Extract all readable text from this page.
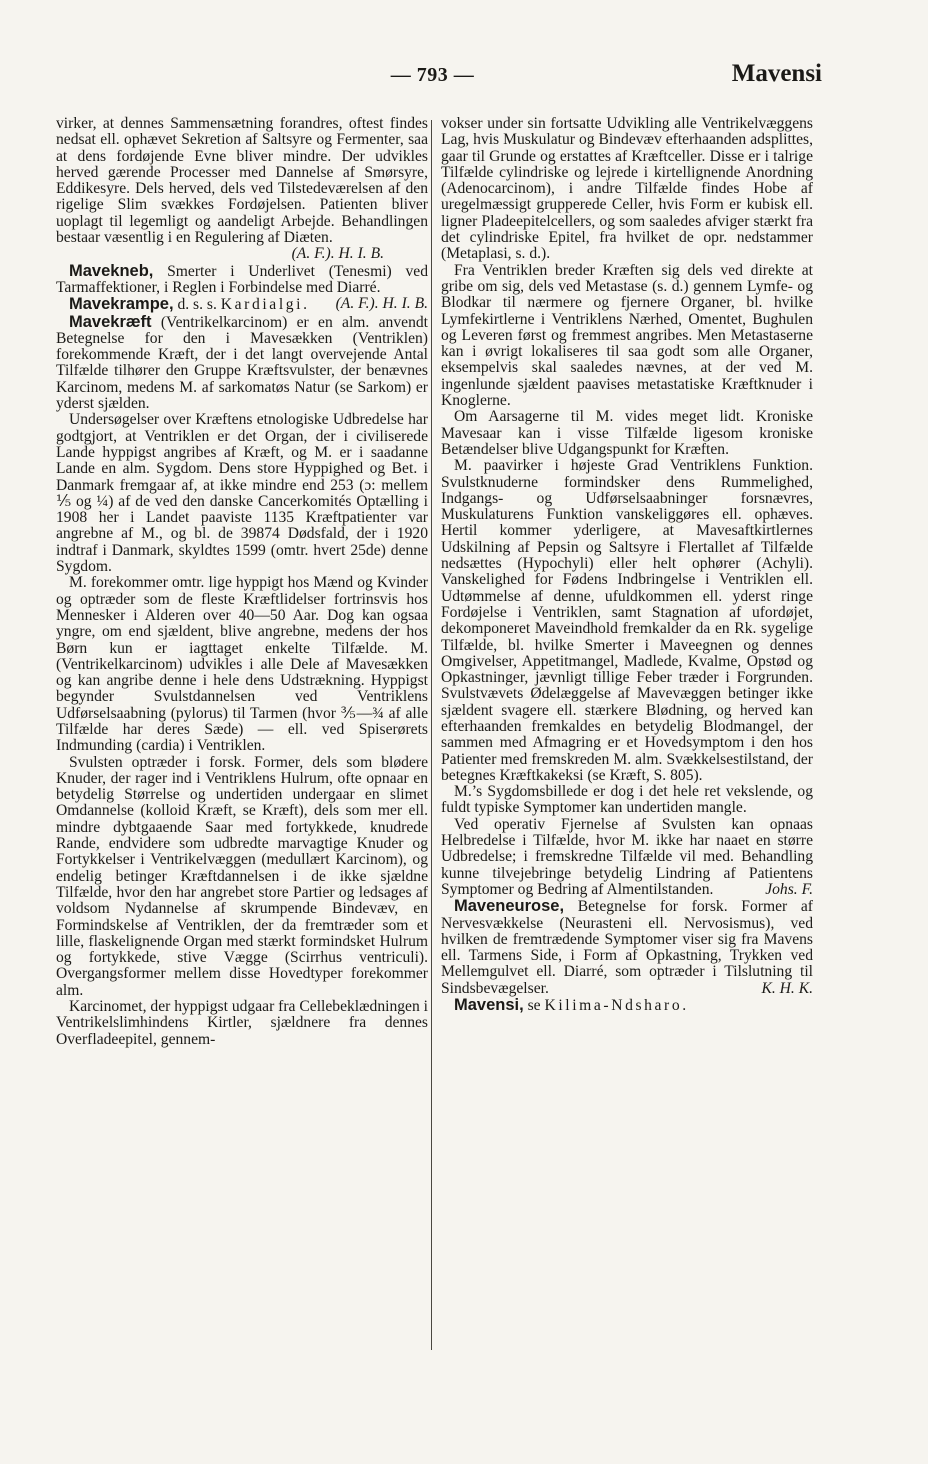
— 793 —	Mavensi

virker, at dennes Sammensætning forandres, oftest findes nedsat ell. ophævet Sekretion af Saltsyre og Fermenter, saa at dens fordøjende Evne bliver mindre. Der udvikles herved gærende Processer med Dannelse af Smørsyre, Eddikesyre. Dels herved, dels ved Tilstedeværelsen af den rigelige Slim svækkes Fordøjelsen. Patienten bliver uoplagt til legemligt og aandeligt Arbejde. Behandlingen bestaar væsentlig i en Regulering af Diæten.

(A. F.). H. I. B.

Mavekneb, Smerter i Underlivet (Tenesmi) ved Tarmaffektioner, i Reglen i Forbindelse med Diarré.
(A. F.). H. I. B.

Mavekrampe, d. s. s. Kardialgi.

Mavekræft (Ventrikelkarcinom) er en alm. anvendt Betegnelse for den i Mavesækken (Ventriklen) forekommende Kræft, der i det langt overvejende Antal Tilfælde tilhører den Gruppe Kræftsvulster, der benævnes Karcinom, medens M. af sarkomatøs Natur (se Sarkom) er yderst sjælden.

Undersøgelser over Kræftens etnologiske Udbredelse har godtgjort, at Ventriklen er det Organ, der i civiliserede Lande hyppigst angribes af Kræft, og M. er i saadanne Lande en alm. Sygdom. Dens store Hyppighed og Bet. i Danmark fremgaar af, at ikke mindre end 253 (ɔ: mellem ⅕ og ¼) af de ved den danske Cancerkomités Optælling i 1908 her i Landet paaviste 1135 Kræftpatienter var angrebne af M., og bl. de 39874 Dødsfald, der i 1920 indtraf i Danmark, skyldtes 1599 (omtr. hvert 25de) denne Sygdom.

M. forekommer omtr. lige hyppigt hos Mænd og Kvinder og optræder som de fleste Kræftlidelser fortrinsvis hos Mennesker i Alderen over 40—50 Aar. Dog kan ogsaa yngre, om end sjældent, blive angrebne, medens der hos Børn kun er iagttaget enkelte Tilfælde. M. (Ventrikelkarcinom) udvikles i alle Dele af Mavesækken og kan angribe denne i hele dens Udstrækning. Hyppigst begynder Svulstdannelsen ved Ventriklens Udførselsaabning (pylorus) til Tarmen (hvor ⅗—¾ af alle Tilfælde har deres Sæde) — ell. ved Spiserørets Indmunding (cardia) i Ventriklen.

Svulsten optræder i forsk. Former, dels som blødere Knuder, der rager ind i Ventriklens Hulrum, ofte opnaar en betydelig Størrelse og undertiden undergaar en slimet Omdannelse (kolloid Kræft, se Kræft), dels som mer ell. mindre dybtgaaende Saar med fortykkede, knudrede Rande, endvidere som udbredte marvagtige Knuder og Fortykkelser i Ventrikelvæggen (medullært Karcinom), og endelig betinger Kræftdannelsen i de ikke sjældne Tilfælde, hvor den har angrebet store Partier og ledsages af voldsom Nydannelse af skrumpende Bindevæv, en Formindskelse af Ventriklen, der da fremtræder som et lille, flaskelignende Organ med stærkt formindsket Hulrum og fortykkede, stive Vægge (Scirrhus ventriculi). Overgangsformer mellem disse Hovedtyper forekommer alm.

Karcinomet, der hyppigst udgaar fra Cellebeklædningen i Ventrikelslimhindens Kirtler, sjældnere fra dennes Overfladeepitel, gennem-

vokser under sin fortsatte Udvikling alle Ventrikelvæggens Lag, hvis Muskulatur og Bindevæv efterhaanden adsplittes, gaar til Grunde og erstattes af Kræftceller. Disse er i talrige Tilfælde cylindriske og lejrede i kirtellignende Anordning (Adenocarcinom), i andre Tilfælde findes Hobe af uregelmæssigt grupperede Celler, hvis Form er kubisk ell. ligner Pladeepitelcellers, og som saaledes afviger stærkt fra det cylindriske Epitel, fra hvilket de opr. nedstammer (Metaplasi, s. d.).

Fra Ventriklen breder Kræften sig dels ved direkte at gribe om sig, dels ved Metastase (s. d.) gennem Lymfe- og Blodkar til nærmere og fjernere Organer, bl. hvilke Lymfekirtlerne i Ventriklens Nærhed, Omentet, Bughulen og Leveren først og fremmest angribes. Men Metastaserne kan i øvrigt lokaliseres til saa godt som alle Organer, eksempelvis skal saaledes nævnes, at der ved M. ingenlunde sjældent paavises metastatiske Kræftknuder i Knoglerne.

Om Aarsagerne til M. vides meget lidt. Kroniske Mavesaar kan i visse Tilfælde ligesom kroniske Betændelser blive Udgangspunkt for Kræften.

M. paavirker i højeste Grad Ventriklens Funktion. Svulstknuderne formindsker dens Rummelighed, Indgangs- og Udførselsaabninger forsnævres, Muskulaturens Funktion vanskeliggøres ell. ophæves. Hertil kommer yderligere, at Mavesaftkirtlernes Udskilning af Pepsin og Saltsyre i Flertallet af Tilfælde nedsættes (Hypochyli) eller helt ophører (Achyli). Vanskelighed for Fødens Indbringelse i Ventriklen ell. Udtømmelse af denne, ufuldkommen ell. yderst ringe Fordøjelse i Ventriklen, samt Stagnation af ufordøjet, dekomponeret Maveindhold fremkalder da en Rk. sygelige Tilfælde, bl. hvilke Smerter i Maveegnen og dennes Omgivelser, Appetitmangel, Madlede, Kvalme, Opstød og Opkastninger, jævnligt tillige Feber træder i Forgrunden. Svulstvævets Ødelæggelse af Mavevæggen betinger ikke sjældent svagere ell. stærkere Blødning, og herved kan efterhaanden fremkaldes en betydelig Blodmangel, der sammen med Afmagring er et Hovedsymptom i den hos Patienter med fremskreden M. alm. Svækkelsestilstand, der betegnes Kræftkakeksi (se Kræft, S. 805).

M.’s Sygdomsbillede er dog i det hele ret vekslende, og fuldt typiske Symptomer kan undertiden mangle.

Ved operativ Fjernelse af Svulsten kan opnaas Helbredelse i Tilfælde, hvor M. ikke har naaet en større Udbredelse; i fremskredne Tilfælde vil med. Behandling kunne tilvejebringe betydelig Lindring af Patientens Symptomer og Bedring af Almentilstanden.	Johs. F.

Maveneurose, Betegnelse for forsk. Former af Nervesvækkelse (Neurasteni ell. Nervosismus), ved hvilken de fremtrædende Symptomer viser sig fra Mavens ell. Tarmens Side, i Form af Opkastning, Trykken ved Mellemgulvet ell. Diarré, som optræder i Tilslutning til Sindsbevægelser.	K. H. K.

Mavensi, se Kilima-Ndsharo.
